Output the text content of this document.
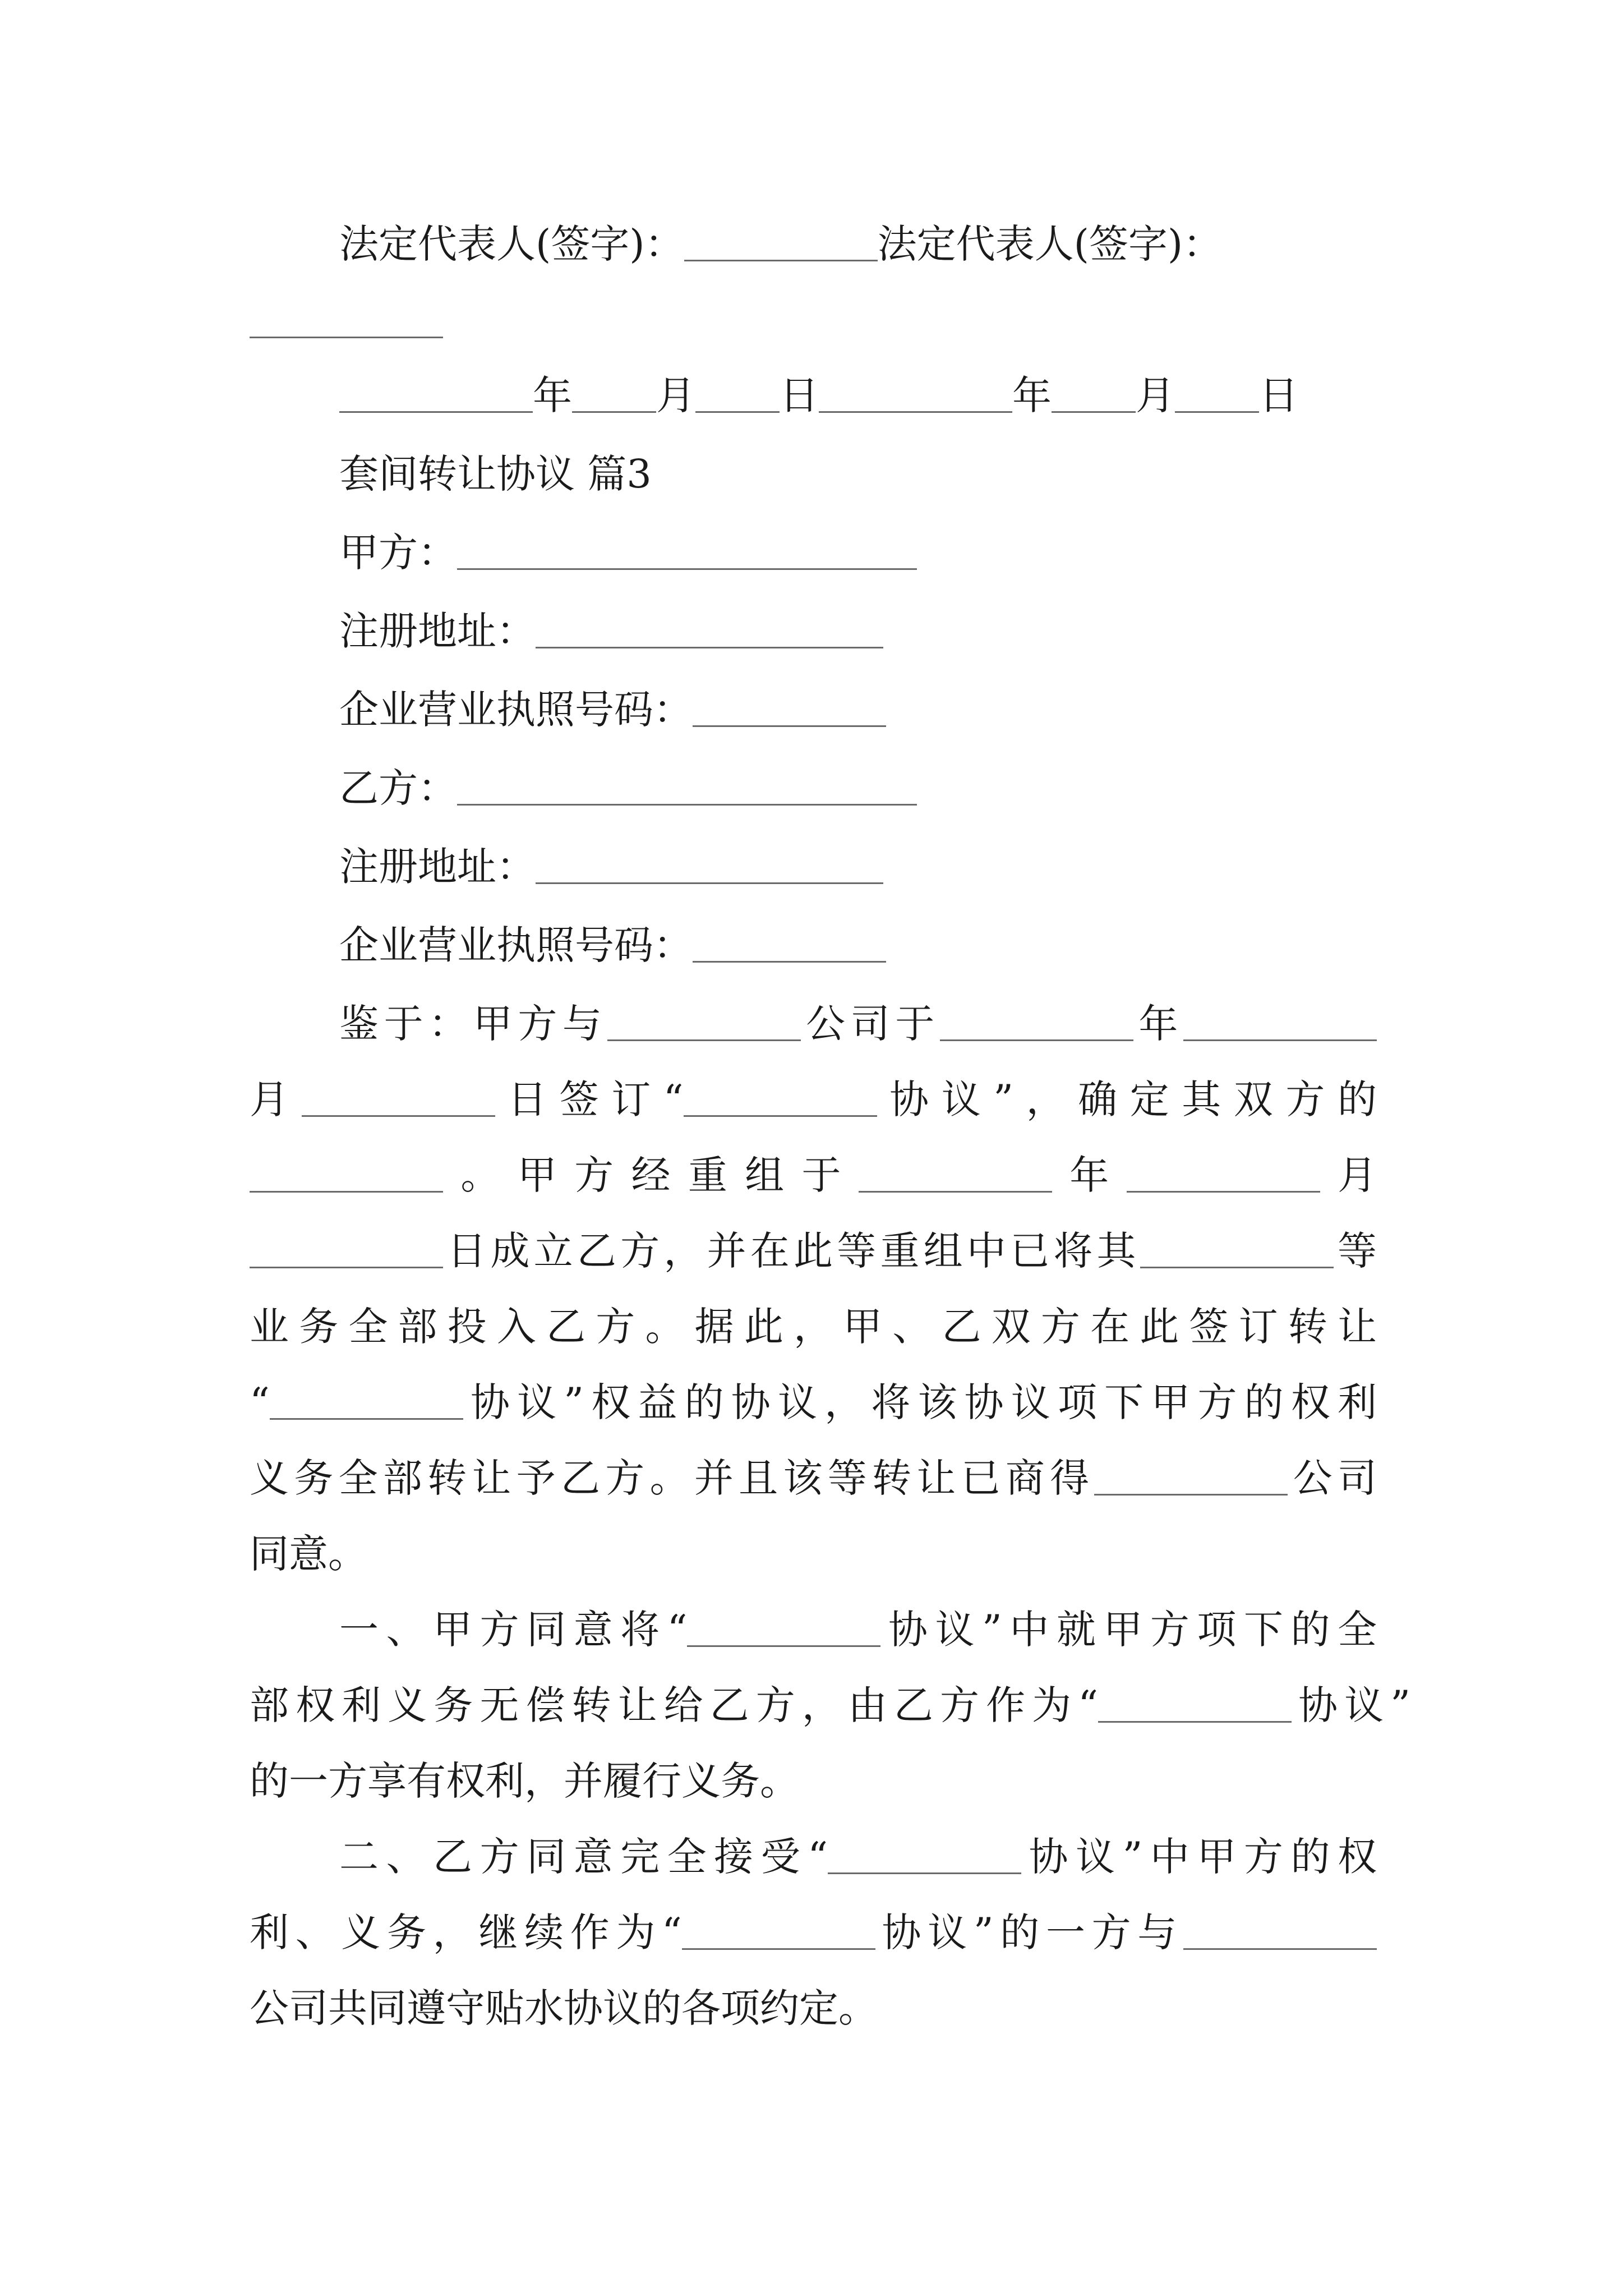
法定代表人(签字)：	法定代表人(签字)：
年 月 日	年 月 日
套间转让协议 篇3
甲方：
注册地址：
企业营业执照号码：
乙方：
注册地址：
企业营业执照号码：
鉴于：甲方与	公司于	年
月	日签订“	协议”，确定其双方的
。甲方经重组于	年	月
日成立乙方，并在此等重组中已将其	等
业务全部投入乙方。据此，甲、乙双方在此签订转让
“	协议”权益的协议，将该协议项下甲方的权利
义务全部转让予乙方。并且该等转让已商得	公司
同意。
一、甲方同意将“	协议”中就甲方项下的全
部权利义务无偿转让给乙方，由乙方作为“	协议”
的一方享有权利，并履行义务。
二、乙方同意完全接受“	协议”中甲方的权
利、义务，继续作为“	协议”的一方与
公司共同遵守贴水协议的各项约定。
